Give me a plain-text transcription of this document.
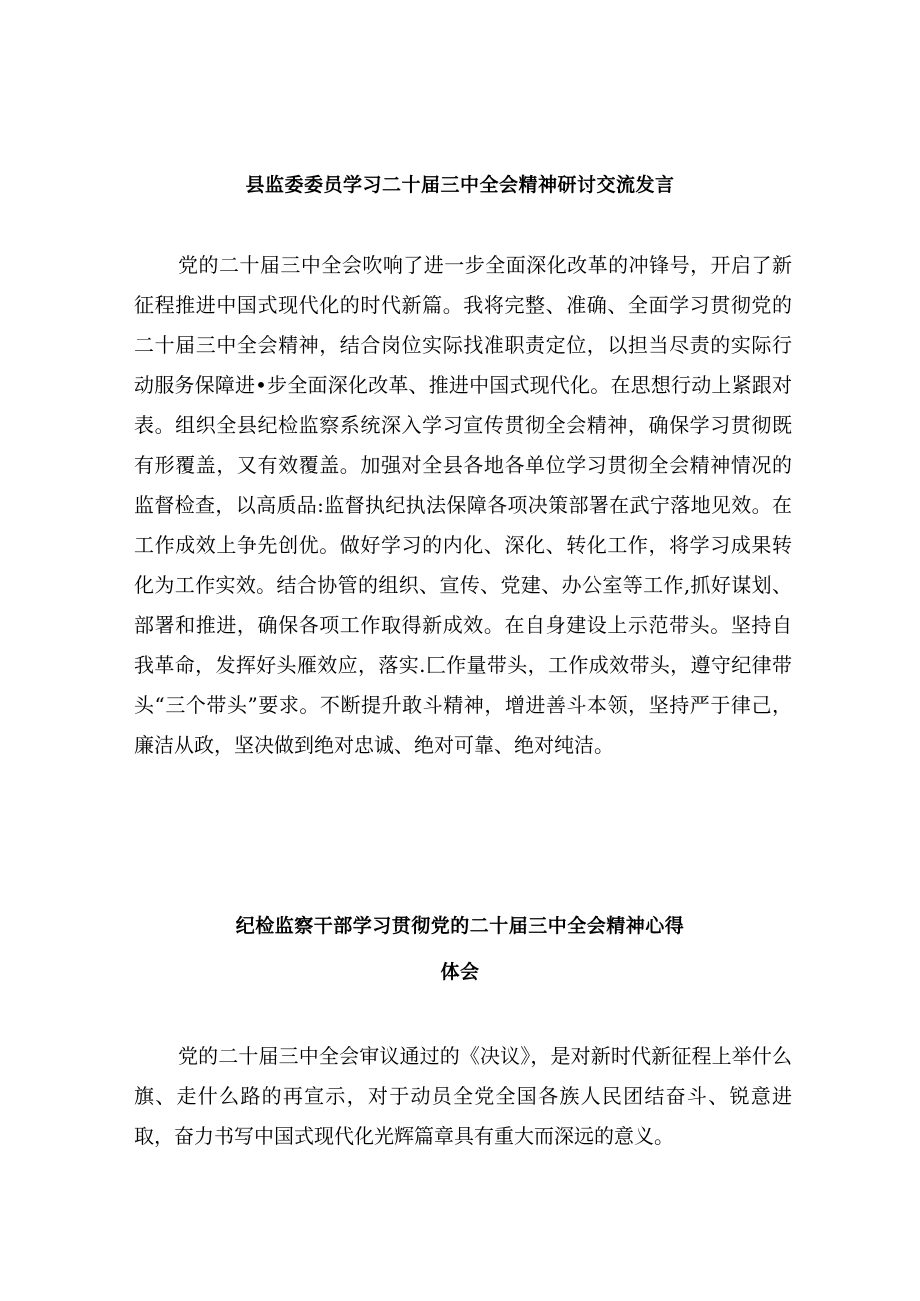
县监委委员学习二十届三中全会精神研讨交流发言

党的二十届三中全会吹响了进一步全面深化改革的冲锋号，开启了新征程推进中国式现代化的时代新篇。我将完整、准确、全面学习贯彻党的二十届三中全会精神，结合岗位实际找准职责定位，以担当尽责的实际行动服务保障进•步全面深化改革、推进中国式现代化。在思想行动上紧跟对表。组织全县纪检监察系统深入学习宣传贯彻全会精神，确保学习贯彻既有形覆盖，又有效覆盖。加强对全县各地各单位学习贯彻全会精神情况的监督检查，以高质品:监督执纪执法保障各项决策部署在武宁落地见效。在工作成效上争先创优。做好学习的内化、深化、转化工作，将学习成果转化为工作实效。结合协管的组织、宣传、党建、办公室等工作,抓好谋划、部署和推进，确保各项工作取得新成效。在自身建设上示范带头。坚持自我革命，发挥好头雁效应，落实.匚作量带头，工作成效带头，遵守纪律带头“三个带头”要求。不断提升敢斗精神，增进善斗本领，坚持严于律己，廉洁从政，坚决做到绝对忠诚、绝对可靠、绝对纯洁。

纪检监察干部学习贯彻党的二十届三中全会精神心得
体会

党的二十届三中全会审议通过的《决议》，是对新时代新征程上举什么旗、走什么路的再宣示，对于动员全党全国各族人民团结奋斗、锐意进取，奋力书写中国式现代化光辉篇章具有重大而深远的意义。
